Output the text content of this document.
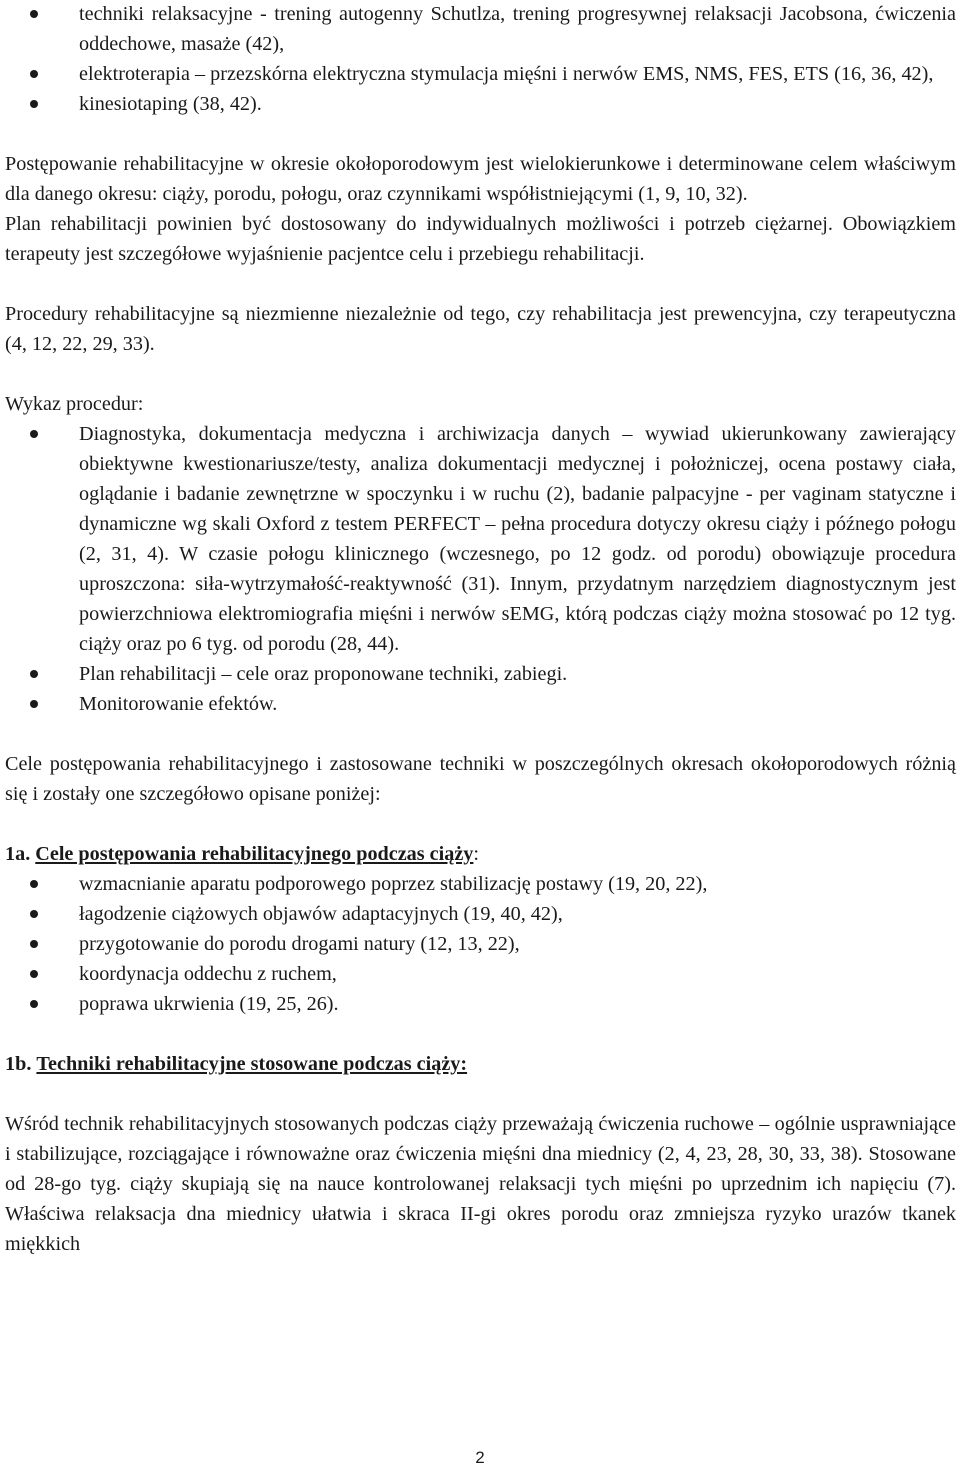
techniki relaksacyjne - trening autogenny Schutlza, trening progresywnej relaksacji Jacobsona, ćwiczenia oddechowe, masaże (42),
elektroterapia – przezskórna elektryczna stymulacja mięśni i nerwów EMS, NMS, FES, ETS (16, 36, 42),
kinesiotaping (38, 42).

Postępowanie rehabilitacyjne w okresie okołoporodowym jest wielokierunkowe i determinowane celem właściwym dla danego okresu: ciąży, porodu, połogu, oraz czynnikami współistniejącymi (1, 9, 10, 32).

Plan rehabilitacji powinien być dostosowany do indywidualnych możliwości i potrzeb ciężarnej. Obowiązkiem terapeuty jest szczegółowe wyjaśnienie pacjentce celu i przebiegu rehabilitacji.

Procedury rehabilitacyjne są niezmienne niezależnie od tego, czy rehabilitacja jest prewencyjna, czy terapeutyczna (4, 12, 22, 29, 33).

Wykaz procedur:

Diagnostyka, dokumentacja medyczna i archiwizacja danych – wywiad ukierunkowany zawierający obiektywne kwestionariusze/testy, analiza dokumentacji medycznej i położniczej, ocena postawy ciała, oglądanie i badanie zewnętrzne w spoczynku i w ruchu (2), badanie palpacyjne - per vaginam statyczne i dynamiczne wg skali Oxford z testem PERFECT – pełna procedura dotyczy okresu ciąży i późnego połogu (2, 31, 4). W czasie połogu klinicznego (wczesnego, po 12 godz. od porodu) obowiązuje procedura uproszczona: siła-wytrzymałość-reaktywność (31). Innym, przydatnym narzędziem diagnostycznym jest powierzchniowa elektromiografia mięśni i nerwów sEMG, którą podczas ciąży można stosować po 12 tyg. ciąży oraz po 6 tyg. od porodu (28, 44).
Plan rehabilitacji – cele oraz proponowane techniki, zabiegi.
Monitorowanie efektów.

Cele postępowania rehabilitacyjnego i zastosowane techniki w poszczególnych okresach okołoporodowych różnią się i zostały one szczegółowo opisane poniżej:

1a. Cele postępowania rehabilitacyjnego podczas ciąży:

wzmacnianie aparatu podporowego poprzez stabilizację postawy (19, 20, 22),
łagodzenie ciążowych objawów adaptacyjnych (19, 40, 42),
przygotowanie do porodu drogami natury (12, 13, 22),
koordynacja oddechu z ruchem,
poprawa ukrwienia (19, 25, 26).

1b. Techniki rehabilitacyjne stosowane podczas ciąży:

Wśród technik rehabilitacyjnych stosowanych podczas ciąży przeważają ćwiczenia ruchowe – ogólnie usprawniające i stabilizujące, rozciągające i równoważne oraz ćwiczenia mięśni dna miednicy (2, 4, 23, 28, 30, 33, 38). Stosowane od 28-go tyg. ciąży skupiają się na nauce kontrolowanej relaksacji tych mięśni po uprzednim ich napięciu (7). Właściwa relaksacja dna miednicy ułatwia i skraca II-gi okres porodu oraz zmniejsza ryzyko urazów tkanek miękkich

2
